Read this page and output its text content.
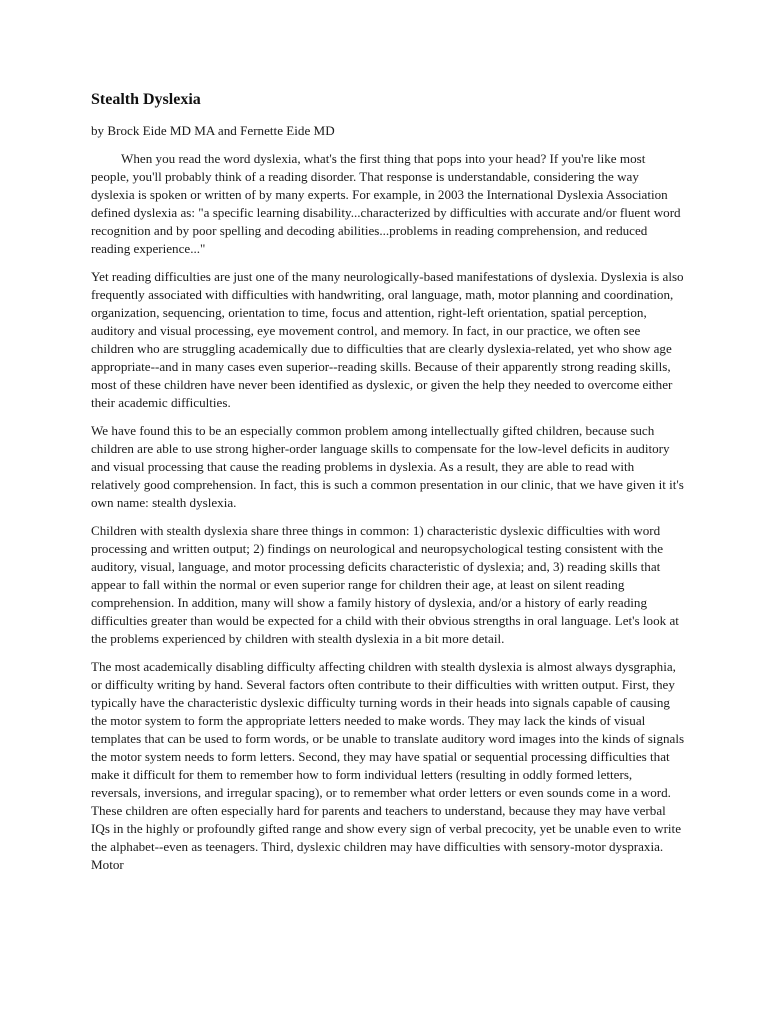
Stealth Dyslexia

by Brock Eide MD MA and Fernette Eide MD

When you read the word dyslexia, what's the first thing that pops into your head? If you're like most people, you'll probably think of a reading disorder. That response is understandable, considering the way dyslexia is spoken or written of by many experts. For example, in 2003 the International Dyslexia Association defined dyslexia as: "a specific learning disability...characterized by difficulties with accurate and/or fluent word recognition and by poor spelling and decoding abilities...problems in reading comprehension, and reduced reading experience..."

Yet reading difficulties are just one of the many neurologically-based manifestations of dyslexia. Dyslexia is also frequently associated with difficulties with handwriting, oral language, math, motor planning and coordination, organization, sequencing, orientation to time, focus and attention, right-left orientation, spatial perception, auditory and visual processing, eye movement control, and memory. In fact, in our practice, we often see children who are struggling academically due to difficulties that are clearly dyslexia-related, yet who show age appropriate--and in many cases even superior--reading skills. Because of their apparently strong reading skills, most of these children have never been identified as dyslexic, or given the help they needed to overcome either their academic difficulties.

We have found this to be an especially common problem among intellectually gifted children, because such children are able to use strong higher-order language skills to compensate for the low-level deficits in auditory and visual processing that cause the reading problems in dyslexia. As a result, they are able to read with relatively good comprehension. In fact, this is such a common presentation in our clinic, that we have given it it's own name: stealth dyslexia.

Children with stealth dyslexia share three things in common: 1) characteristic dyslexic difficulties with word processing and written output; 2) findings on neurological and neuropsychological testing consistent with the auditory, visual, language, and motor processing deficits characteristic of dyslexia; and, 3) reading skills that appear to fall within the normal or even superior range for children their age, at least on silent reading comprehension. In addition, many will show a family history of dyslexia, and/or a history of early reading difficulties greater than would be expected for a child with their obvious strengths in oral language. Let's look at the problems experienced by children with stealth dyslexia in a bit more detail.

The most academically disabling difficulty affecting children with stealth dyslexia is almost always dysgraphia, or difficulty writing by hand. Several factors often contribute to their difficulties with written output. First, they typically have the characteristic dyslexic difficulty turning words in their heads into signals capable of causing the motor system to form the appropriate letters needed to make words. They may lack the kinds of visual templates that can be used to form words, or be unable to translate auditory word images into the kinds of signals the motor system needs to form letters. Second, they may have spatial or sequential processing difficulties that make it difficult for them to remember how to form individual letters (resulting in oddly formed letters, reversals, inversions, and irregular spacing), or to remember what order letters or even sounds come in a word. These children are often especially hard for parents and teachers to understand, because they may have verbal IQs in the highly or profoundly gifted range and show every sign of verbal precocity, yet be unable even to write the alphabet--even as teenagers. Third, dyslexic children may have difficulties with sensory-motor dyspraxia. Motor
